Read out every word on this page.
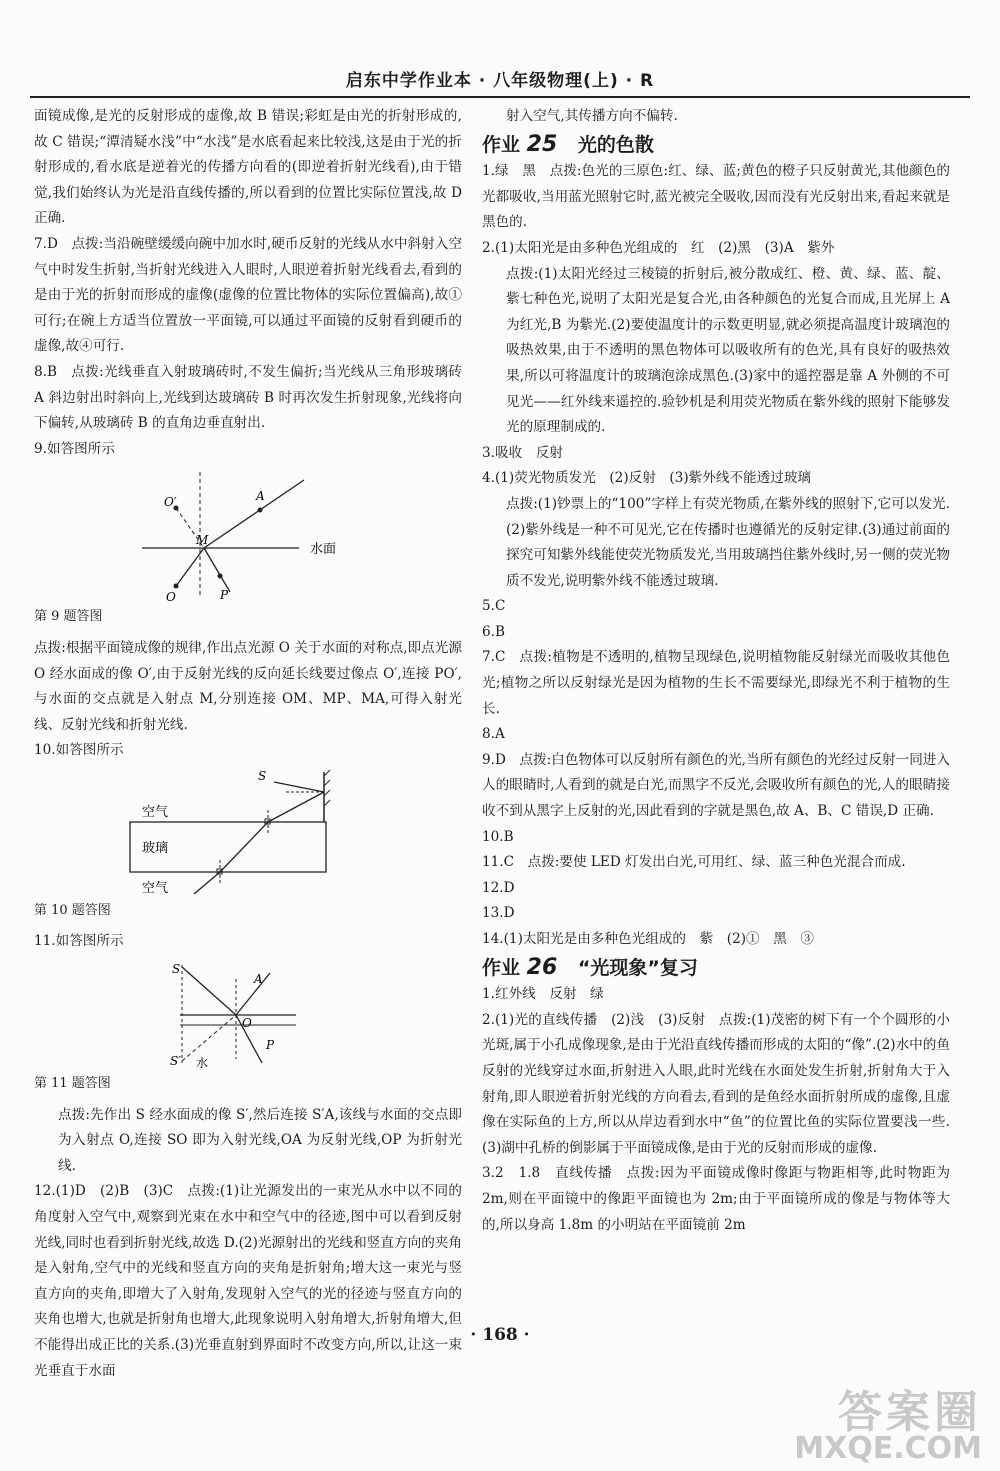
启东中学作业本 · 八年级物理(上) · R

面镜成像,是光的反射形成的虚像,故 B 错误;彩虹是由光的折射形成的,故 C 错误;“潭清疑水浅”中“水浅”是水底看起来比较浅,这是由于光的折射形成的,看水底是逆着光的传播方向看的(即逆着折射光线看),由于错觉,我们始终认为光是沿直线传播的,所以看到的位置比实际位置浅,故 D 正确.

7.D　点拨:当沿碗壁缓缓向碗中加水时,硬币反射的光线从水中斜射入空气中时发生折射,当折射光线进入人眼时,人眼逆着折射光线看去,看到的是由于光的折射而形成的虚像(虚像的位置比物体的实际位置偏高),故①可行;在碗上方适当位置放一平面镜,可以通过平面镜的反射看到硬币的虚像,故④可行.

8.B　点拨:光线垂直入射玻璃砖时,不发生偏折;当光线从三角形玻璃砖 A 斜边射出时斜向上,光线到达玻璃砖 B 时再次发生折射现象,光线将向下偏转,从玻璃砖 B 的直角边垂直射出.

9.如答图所示

O′
O
A
M
P
水面

第 9 题答图

点拨:根据平面镜成像的规律,作出点光源 O 关于水面的对称点,即点光源 O 经水面成的像 O′,由于反射光线的反向延长线要过像点 O′,连接 PO′,与水面的交点就是入射点 M,分别连接 OM、MP、MA,可得入射光线、反射光线和折射光线.

10.如答图所示

S
空气
玻璃
空气

第 10 题答图

11.如答图所示

S
A
O
P
S′ 水

第 11 题答图

点拨:先作出 S 经水面成的像 S′,然后连接 S′A,该线与水面的交点即为入射点 O,连接 SO 即为入射光线,OA 为反射光线,OP 为折射光线.

12.(1)D　(2)B　(3)C　点拨:(1)让光源发出的一束光从水中以不同的角度射入空气中,观察到光束在水中和空气中的径迹,图中可以看到反射光线,同时也看到折射光线,故选 D.(2)光源射出的光线和竖直方向的夹角是入射角,空气中的光线和竖直方向的夹角是折射角;增大这一束光与竖直方向的夹角,即增大了入射角,发现射入空气的光的径迹与竖直方向的夹角也增大,也就是折射角也增大,此现象说明入射角增大,折射角增大,但不能得出成正比的关系.(3)光垂直射到界面时不改变方向,所以,让这一束光垂直于水面

射入空气,其传播方向不偏转.

作业 25 光的色散

1.绿　黑　点拨:色光的三原色:红、绿、蓝;黄色的橙子只反射黄光,其他颜色的光都吸收,当用蓝光照射它时,蓝光被完全吸收,因而没有光反射出来,看起来就是黑色的.

2.(1)太阳光是由多种色光组成的　红　(2)黑　(3)A　紫外

点拨:(1)太阳光经过三棱镜的折射后,被分散成红、橙、黄、绿、蓝、靛、紫七种色光,说明了太阳光是复合光,由各种颜色的光复合而成,且光屏上 A 为红光,B 为紫光.(2)要使温度计的示数更明显,就必须提高温度计玻璃泡的吸热效果,由于不透明的黑色物体可以吸收所有的色光,具有良好的吸热效果,所以可将温度计的玻璃泡涂成黑色.(3)家中的遥控器是靠 A 外侧的不可见光——红外线来遥控的.验钞机是利用荧光物质在紫外线的照射下能够发光的原理制成的.

3.吸收　反射

4.(1)荧光物质发光　(2)反射　(3)紫外线不能透过玻璃

点拨:(1)钞票上的“100”字样上有荧光物质,在紫外线的照射下,它可以发光.(2)紫外线是一种不可见光,它在传播时也遵循光的反射定律.(3)通过前面的探究可知紫外线能使荧光物质发光,当用玻璃挡住紫外线时,另一侧的荧光物质不发光,说明紫外线不能透过玻璃.

5.C

6.B

7.C　点拨:植物是不透明的,植物呈现绿色,说明植物能反射绿光而吸收其他色光;植物之所以反射绿光是因为植物的生长不需要绿光,即绿光不利于植物的生长.

8.A

9.D　点拨:白色物体可以反射所有颜色的光,当所有颜色的光经过反射一同进入人的眼睛时,人看到的就是白光,而黑字不反光,会吸收所有颜色的光,人的眼睛接收不到从黑字上反射的光,因此看到的字就是黑色,故 A、B、C 错误,D 正确.

10.B

11.C　点拨:要使 LED 灯发出白光,可用红、绿、蓝三种色光混合而成.

12.D

13.D

14.(1)太阳光是由多种色光组成的　紫　(2)①　黑　③

作业 26 “光现象”复习

1.红外线　反射　绿

2.(1)光的直线传播　(2)浅　(3)反射　点拨:(1)茂密的树下有一个个圆形的小光斑,属于小孔成像现象,是由于光沿直线传播而形成的太阳的“像”.(2)水中的鱼反射的光线穿过水面,折射进入人眼,此时光线在水面处发生折射,折射角大于入射角,即人眼逆着折射光线的方向看去,看到的是鱼经水面折射所成的虚像,且虚像在实际鱼的上方,所以从岸边看到水中“鱼”的位置比鱼的实际位置要浅一些.(3)湖中孔桥的倒影属于平面镜成像,是由于光的反射而形成的虚像.

3.2　1.8　直线传播　点拨:因为平面镜成像时像距与物距相等,此时物距为 2m,则在平面镜中的像距平面镜也为 2m;由于平面镜所成的像是与物体等大的,所以身高 1.8m 的小明站在平面镜前 2m

· 168 ·
答案圈
MXQE.COM
